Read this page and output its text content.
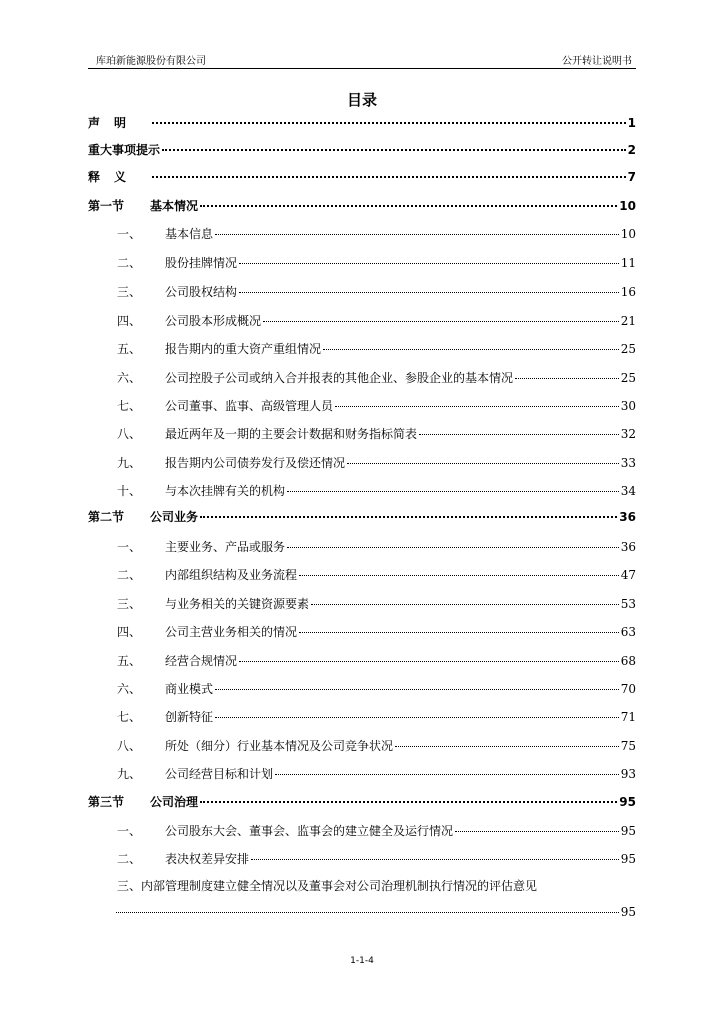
库珀新能源股份有限公司	公开转让说明书
目录
声明	1
重大事项提示	2
释义	7
第一节	基本情况	10
一、	基本信息	10
二、	股份挂牌情况	11
三、	公司股权结构	16
四、	公司股本形成概况	21
五、	报告期内的重大资产重组情况	25
六、	公司控股子公司或纳入合并报表的其他企业、参股企业的基本情况	25
七、	公司董事、监事、高级管理人员	30
八、	最近两年及一期的主要会计数据和财务指标简表	32
九、	报告期内公司债券发行及偿还情况	33
十、	与本次挂牌有关的机构	34
第二节	公司业务	36
一、	主要业务、产品或服务	36
二、	内部组织结构及业务流程	47
三、	与业务相关的关键资源要素	53
四、	公司主营业务相关的情况	63
五、	经营合规情况	68
六、	商业模式	70
七、	创新特征	71
八、	所处（细分）行业基本情况及公司竞争状况	75
九、	公司经营目标和计划	93
第三节	公司治理	95
一、	公司股东大会、董事会、监事会的建立健全及运行情况	95
二、	表决权差异安排	95
三、内部管理制度建立健全情况以及董事会对公司治理机制执行情况的评估意见
95
1-1-4
